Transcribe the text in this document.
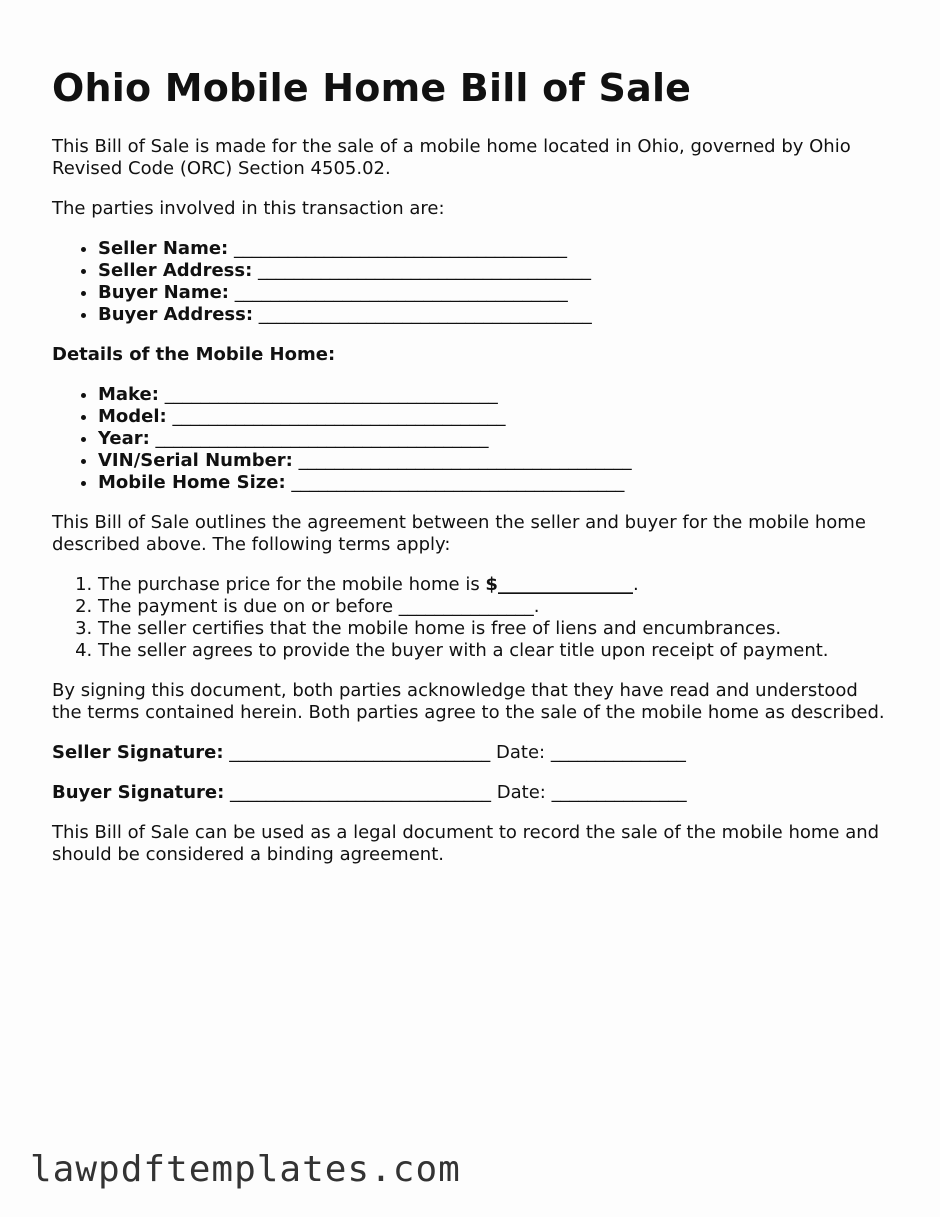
Ohio Mobile Home Bill of Sale

This Bill of Sale is made for the sale of a mobile home located in Ohio, governed by Ohio Revised Code (ORC) Section 4505.02.

The parties involved in this transaction are:

• Seller Name: _____________________________________
• Seller Address: _____________________________________
• Buyer Name: _____________________________________
• Buyer Address: _____________________________________

Details of the Mobile Home:

• Make: _____________________________________
• Model: _____________________________________
• Year: _____________________________________
• VIN/Serial Number: _____________________________________
• Mobile Home Size: _____________________________________

This Bill of Sale outlines the agreement between the seller and buyer for the mobile home described above. The following terms apply:

1. The purchase price for the mobile home is $_______________.
2. The payment is due on or before _______________.
3. The seller certifies that the mobile home is free of liens and encumbrances.
4. The seller agrees to provide the buyer with a clear title upon receipt of payment.

By signing this document, both parties acknowledge that they have read and understood the terms contained herein. Both parties agree to the sale of the mobile home as described.

Seller Signature: _____________________________ Date: _______________

Buyer Signature: _____________________________ Date: _______________

This Bill of Sale can be used as a legal document to record the sale of the mobile home and should be considered a binding agreement.

lawpdftemplates.com
